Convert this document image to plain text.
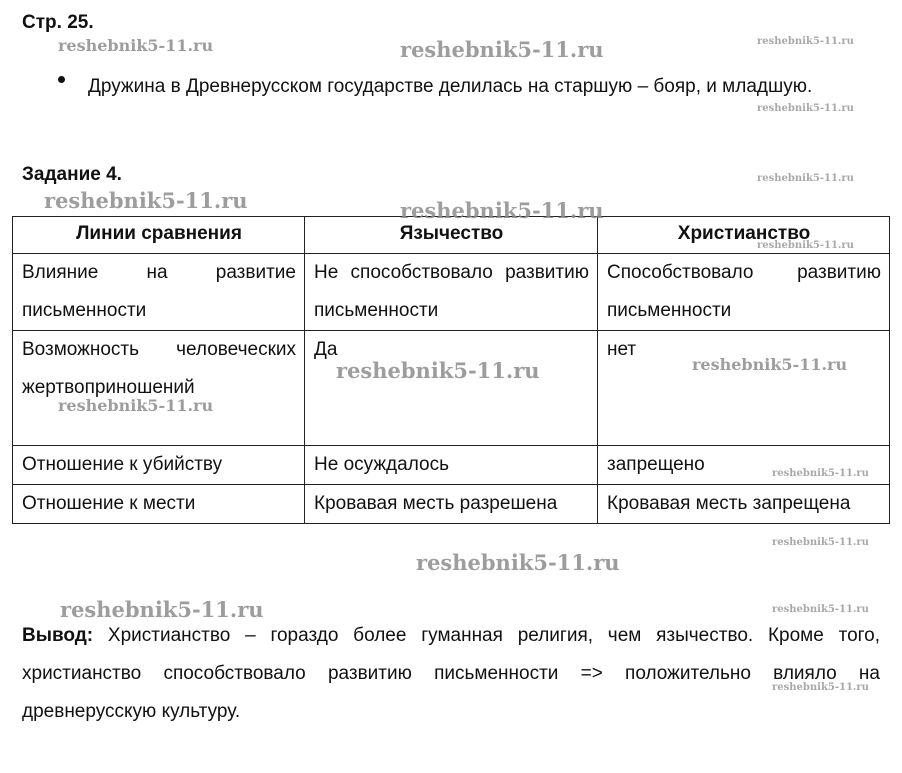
Стр. 25.
Дружина в Древнерусском государстве делилась на старшую – бояр, и младшую.
Задание 4.
Линии сравнения	Язычество	Христианство
Влияние на развитие письменности	Не способствовало развитию письменности	Способствовало развитию письменности
Возможность человеческих жертвоприношений	Да	нет
Отношение к убийству	Не осуждалось	запрещено
Отношение к мести	Кровавая месть разрешена	Кровавая месть запрещена
Вывод: Христианство – гораздо более гуманная религия, чем язычество. Кроме того, христианство способствовало развитию письменности => положительно влияло на древнерусскую культуру.
reshebnik5-11.ru	reshebnik5-11.ru	reshebnik5-11.ru
reshebnik5-11.ru
reshebnik5-11.ru
reshebnik5-11.ru	reshebnik5-11.ru
reshebnik5-11.ru
reshebnik5-11.ru	reshebnik5-11.ru
reshebnik5-11.ru
reshebnik5-11.ru
reshebnik5-11.ru
reshebnik5-11.ru
reshebnik5-11.ru	reshebnik5-11.ru
reshebnik5-11.ru
